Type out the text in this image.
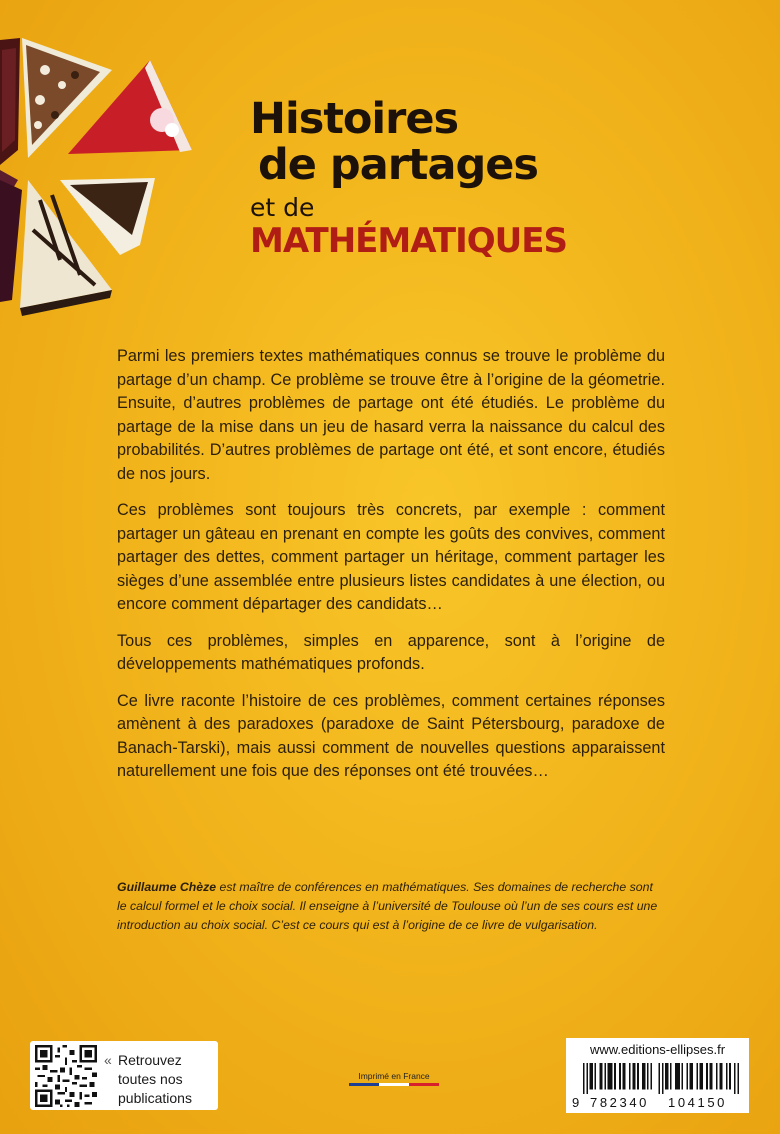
Histoires
de partages
et de
MATHÉMATIQUES

Parmi les premiers textes mathématiques connus se trouve le problème du partage d’un champ. Ce problème se trouve être à l’origine de la géometrie. Ensuite, d’autres problèmes de partage ont été étudiés. Le problème du partage de la mise dans un jeu de hasard verra la naissance du calcul des probabilités. D’autres problèmes de partage ont été, et sont encore, étudiés de nos jours.

Ces problèmes sont toujours très concrets, par exemple : comment partager un gâteau en prenant en compte les goûts des convives, comment partager des dettes, comment partager un héritage, comment partager les sièges d’une assemblée entre plusieurs listes candidates à une élection, ou encore comment départager des candidats…

Tous ces problèmes, simples en apparence, sont à l’origine de développements mathématiques profonds.

Ce livre raconte l’histoire de ces problèmes, comment certaines réponses amènent à des paradoxes (paradoxe de Saint Pétersbourg, paradoxe de Banach-Tarski), mais aussi comment de nouvelles questions apparaissent naturellement une fois que des réponses ont été trouvées…

Guillaume Chèze est maître de conférences en mathématiques. Ses domaines de recherche sont le calcul formel et le choix social. Il enseigne à l’université de Toulouse où l’un de ses cours est une introduction au choix social. C’est ce cours qui est à l’origine de ce livre de vulgarisation.
« Retrouvez toutes nos publications
Imprimé en France
www.editions-ellipses.fr
9 782340 104150
